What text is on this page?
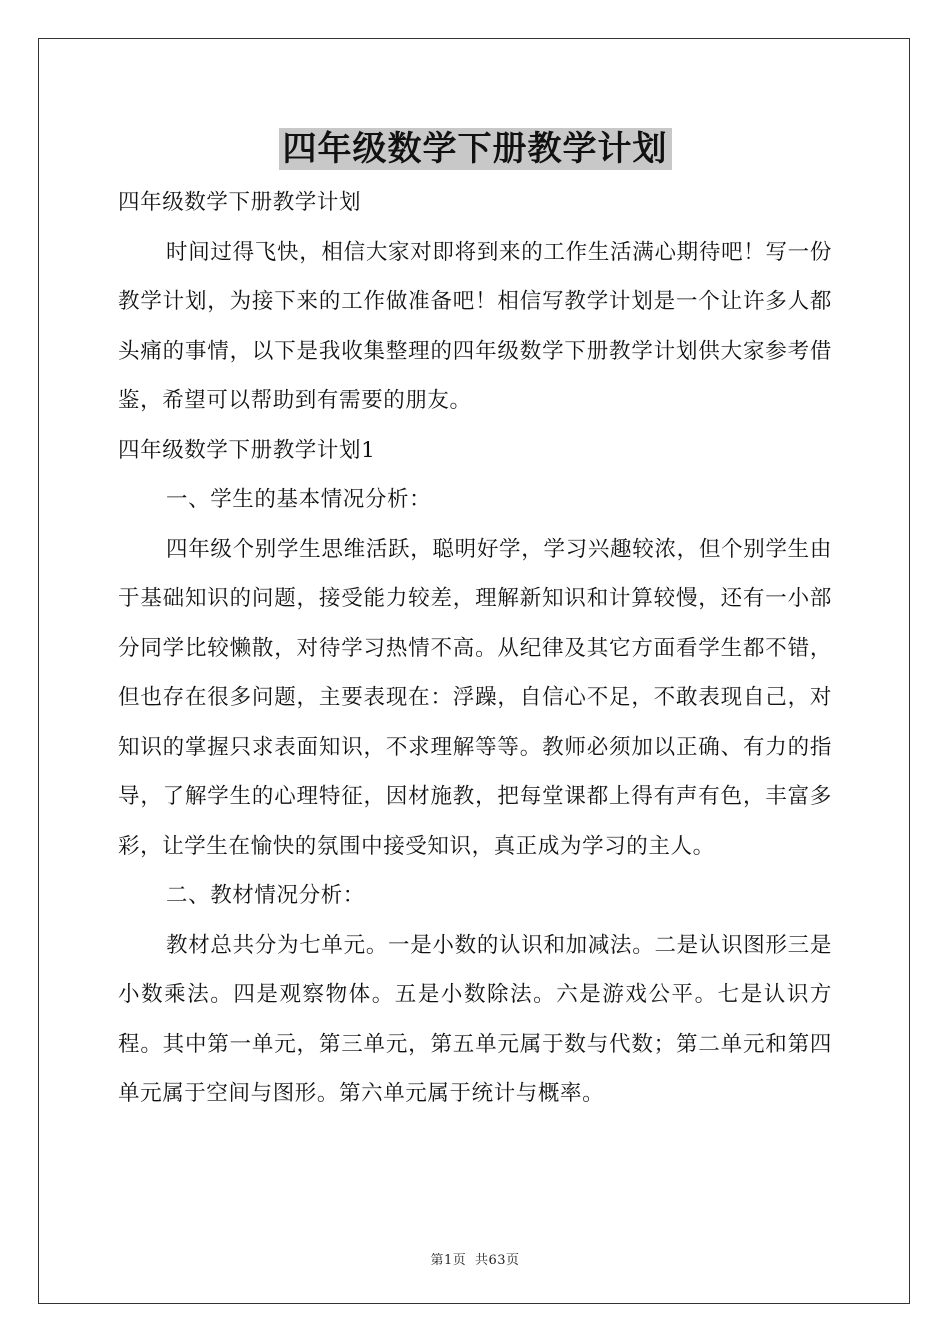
四年级数学下册教学计划

四年级数学下册教学计划

时间过得飞快，相信大家对即将到来的工作生活满心期待吧！写一份教学计划，为接下来的工作做准备吧！相信写教学计划是一个让许多人都头痛的事情，以下是我收集整理的四年级数学下册教学计划供大家参考借鉴，希望可以帮助到有需要的朋友。

四年级数学下册教学计划1

一、学生的基本情况分析：

四年级个别学生思维活跃，聪明好学，学习兴趣较浓，但个别学生由于基础知识的问题，接受能力较差，理解新知识和计算较慢，还有一小部分同学比较懒散，对待学习热情不高。从纪律及其它方面看学生都不错，但也存在很多问题，主要表现在：浮躁，自信心不足，不敢表现自己，对知识的掌握只求表面知识，不求理解等等。教师必须加以正确、有力的指导，了解学生的心理特征，因材施教，把每堂课都上得有声有色，丰富多彩，让学生在愉快的氛围中接受知识，真正成为学习的主人。

二、教材情况分析：

教材总共分为七单元。一是小数的认识和加减法。二是认识图形三是小数乘法。四是观察物体。五是小数除法。六是游戏公平。七是认识方程。其中第一单元，第三单元，第五单元属于数与代数；第二单元和第四单元属于空间与图形。第六单元属于统计与概率。

第1页 共63页
